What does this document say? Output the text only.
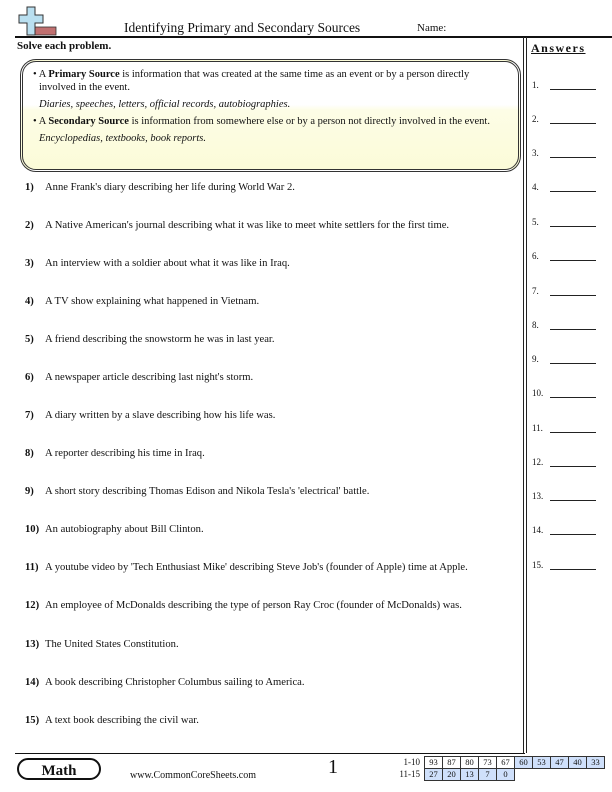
Identifying Primary and Secondary Sources	Name:
Solve each problem.	Answers

• A Primary Source is information that was created at the same time as an event or by a person directly involved in the event.

Diaries, speeches, letters, official records, autobiographies.

• A Secondary Source is information from somewhere else or by a person not directly involved in the event.

Encyclopedias, textbooks, book reports.

1) Anne Frank's diary describing her life during World War 2.
2) A Native American's journal describing what it was like to meet white settlers for the first time.
3) An interview with a soldier about what it was like in Iraq.
4) A TV show explaining what happened in Vietnam.
5) A friend describing the snowstorm he was in last year.
6) A newspaper article describing last night's storm.
7) A diary written by a slave describing how his life was.
8) A reporter describing his time in Iraq.
9) A short story describing Thomas Edison and Nikola Tesla's 'electrical' battle.
10) An autobiography about Bill Clinton.
11) A youtube video by 'Tech Enthusiast Mike' describing Steve Job's (founder of Apple) time at Apple.
12) An employee of McDonalds describing the type of person Ray Croc (founder of McDonalds) was.
13) The United States Constitution.
14) A book describing Christopher Columbus sailing to America.
15) A text book describing the civil war.
1.
2.
3.
4.
5.
6.
7.
8.
9.
10.
11.
12.
13.
14.
15.
Math	www.CommonCoreSheets.com	1	1-10	93	87	80	73	67	60	53	47	40	33
11-15	27	20	13	7	0
